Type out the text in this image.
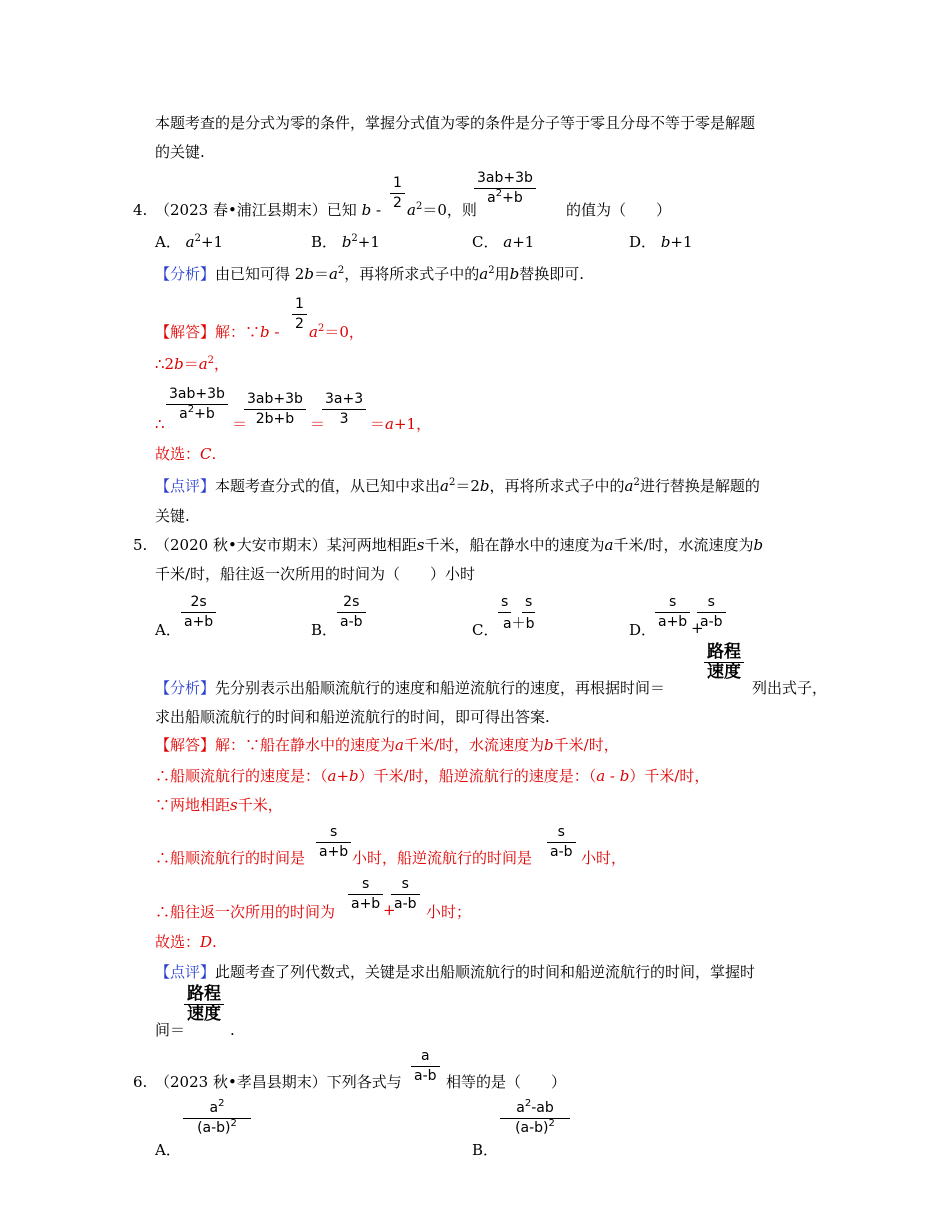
本题考查的是分式为零的条件，掌握分式值为零的条件是分子等于零且分母不等于零是解题
的关键.
4. （2023 春•浦江县期末）已知 b -
1
2 $a^2=0$，则
3ab+3b
$a^2+b$
的值为（　　）
A． $a^2+1$	B． $b^2+1$	C． a+1	D． b+1
【分析】由已知可得 $2b=a^2$，再将所求式子中的$a^2$用b替换即可.
【解答】解：∵b -
1
2 $a^2=0$，
$\therefore 2b=a^2$，
∴
3ab+3b
$a^2+b$
＝
3ab+3b
2b+b	＝
3a+3
3	＝a+1，
故选：C.
【点评】本题考查分式的值，从已知中求出$a^2=2b$，再将所求式子中的$a^2$进行替换是解题的
关键.
5. （2020 秋•大安市期末）某河两地相距s千米，船在静水中的速度为a千米/时，水流速度为b
千米/时，船往返一次所用的时间为（　　）小时
A．
2s
a+b	B．
2s
a-b	C．
s s
a＋b	D．
s
a+b +
s
a-b
【分析】先分别表示出船顺流航行的速度和船逆流航行的速度，再根据时间＝
路程
速度
列出式子，
求出船顺流航行的时间和船逆流航行的时间，即可得出答案.
【解答】解：∵船在静水中的速度为a千米/时，水流速度为b千米/时，
∴船顺流航行的速度是：（a+b）千米/时，船逆流航行的速度是：（a - b）千米/时，
∵两地相距s千米，
∴船顺流航行的时间是
s
a+b 小时，船逆流航行的时间是
s
a-b 小时，
∴船往返一次所用的时间为
s
a+b +
s
a-b 小时；
故选：D.
【点评】此题考查了列代数式，关键是求出船顺流航行的时间和船逆流航行的时间，掌握时
间＝
路程
速度
.
6. （2023 秋•孝昌县期末）下列各式与
a
a-b 相等的是（　　）
A．
$a^2$
$(a-b)^2$
B．
$a^2-ab$
$(a-b)^2$
